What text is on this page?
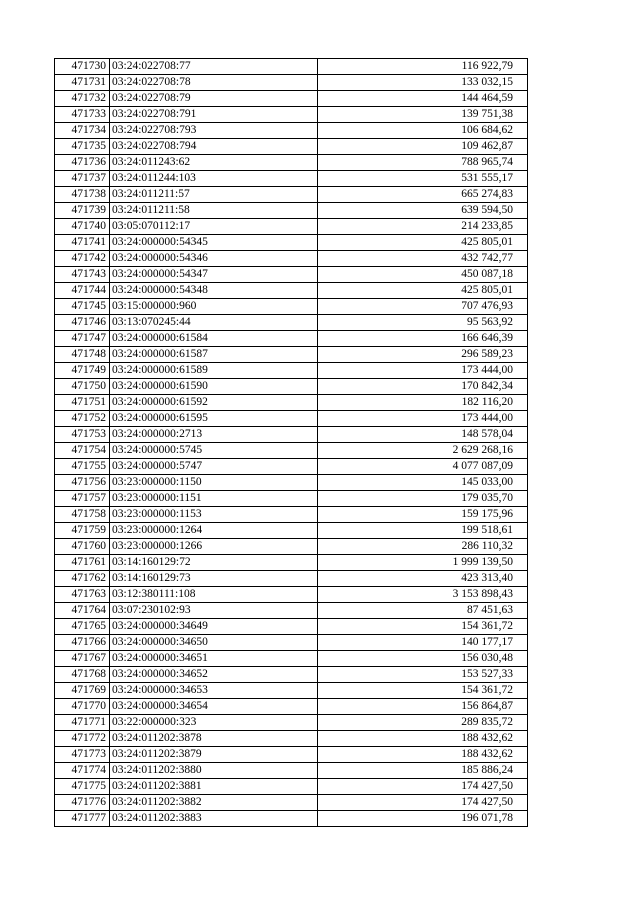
471730	03:24:022708:77	116 922,79
471731	03:24:022708:78	133 032,15
471732	03:24:022708:79	144 464,59
471733	03:24:022708:791	139 751,38
471734	03:24:022708:793	106 684,62
471735	03:24:022708:794	109 462,87
471736	03:24:011243:62	788 965,74
471737	03:24:011244:103	531 555,17
471738	03:24:011211:57	665 274,83
471739	03:24:011211:58	639 594,50
471740	03:05:070112:17	214 233,85
471741	03:24:000000:54345	425 805,01
471742	03:24:000000:54346	432 742,77
471743	03:24:000000:54347	450 087,18
471744	03:24:000000:54348	425 805,01
471745	03:15:000000:960	707 476,93
471746	03:13:070245:44	95 563,92
471747	03:24:000000:61584	166 646,39
471748	03:24:000000:61587	296 589,23
471749	03:24:000000:61589	173 444,00
471750	03:24:000000:61590	170 842,34
471751	03:24:000000:61592	182 116,20
471752	03:24:000000:61595	173 444,00
471753	03:24:000000:2713	148 578,04
471754	03:24:000000:5745	2 629 268,16
471755	03:24:000000:5747	4 077 087,09
471756	03:23:000000:1150	145 033,00
471757	03:23:000000:1151	179 035,70
471758	03:23:000000:1153	159 175,96
471759	03:23:000000:1264	199 518,61
471760	03:23:000000:1266	286 110,32
471761	03:14:160129:72	1 999 139,50
471762	03:14:160129:73	423 313,40
471763	03:12:380111:108	3 153 898,43
471764	03:07:230102:93	87 451,63
471765	03:24:000000:34649	154 361,72
471766	03:24:000000:34650	140 177,17
471767	03:24:000000:34651	156 030,48
471768	03:24:000000:34652	153 527,33
471769	03:24:000000:34653	154 361,72
471770	03:24:000000:34654	156 864,87
471771	03:22:000000:323	289 835,72
471772	03:24:011202:3878	188 432,62
471773	03:24:011202:3879	188 432,62
471774	03:24:011202:3880	185 886,24
471775	03:24:011202:3881	174 427,50
471776	03:24:011202:3882	174 427,50
471777	03:24:011202:3883	196 071,78
